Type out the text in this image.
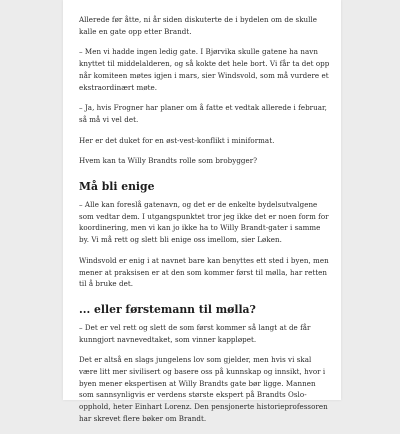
Allerede før åtte, ni år siden diskuterte de i bydelen om de skulle kalle en gate opp etter Brandt.

– Men vi hadde ingen ledig gate. I Bjørvika skulle gatene ha navn knyttet til middelalderen, og så kokte det hele bort. Vi får ta det opp når komiteen møtes igjen i mars, sier Windsvold, som må vurdere et ekstraordinært møte.

– Ja, hvis Frogner har planer om å fatte et vedtak allerede i februar, så må vi vel det.

Her er det duket for en øst-vest-konflikt i miniformat.

Hvem kan ta Willy Brandts rolle som brobygger?

Må bli enige

– Alle kan foreslå gatenavn, og det er de enkelte bydelsutvalgene som vedtar dem. I utgangspunktet tror jeg ikke det er noen form for koordinering, men vi kan jo ikke ha to Willy Brandt-gater i samme by. Vi må rett og slett bli enige oss imellom, sier Løken.

Windsvold er enig i at navnet bare kan benyttes ett sted i byen, men mener at praksisen er at den som kommer først til mølla, har retten til å bruke det.

... eller førstemann til mølla?

– Det er vel rett og slett de som først kommer så langt at de får kunngjort navnevedtaket, som vinner kappløpet.

Det er altså en slags jungelens lov som gjelder, men hvis vi skal være litt mer sivilisert og basere oss på kunnskap og innsikt, hvor i byen mener ekspertisen at Willy Brandts gate bør ligge. Mannen som sannsynligvis er verdens største ekspert på Brandts Oslo-opphold, heter Einhart Lorenz. Den pensjonerte historieprofessoren har skrevet flere bøker om Brandt.
